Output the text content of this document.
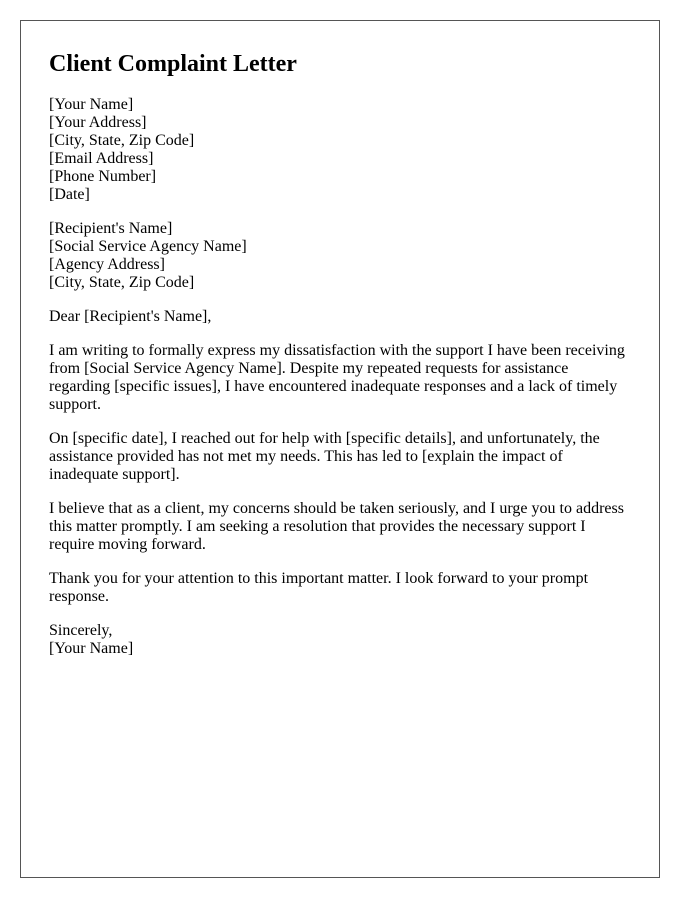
Client Complaint Letter
[Your Name]
[Your Address]
[City, State, Zip Code]
[Email Address]
[Phone Number]
[Date]
[Recipient's Name]
[Social Service Agency Name]
[Agency Address]
[City, State, Zip Code]

Dear [Recipient's Name],

I am writing to formally express my dissatisfaction with the support I have been receiving from [Social Service Agency Name]. Despite my repeated requests for assistance regarding [specific issues], I have encountered inadequate responses and a lack of timely support.

On [specific date], I reached out for help with [specific details], and unfortunately, the assistance provided has not met my needs. This has led to [explain the impact of inadequate support].

I believe that as a client, my concerns should be taken seriously, and I urge you to address this matter promptly. I am seeking a resolution that provides the necessary support I require moving forward.

Thank you for your attention to this important matter. I look forward to your prompt response.

Sincerely,
[Your Name]
